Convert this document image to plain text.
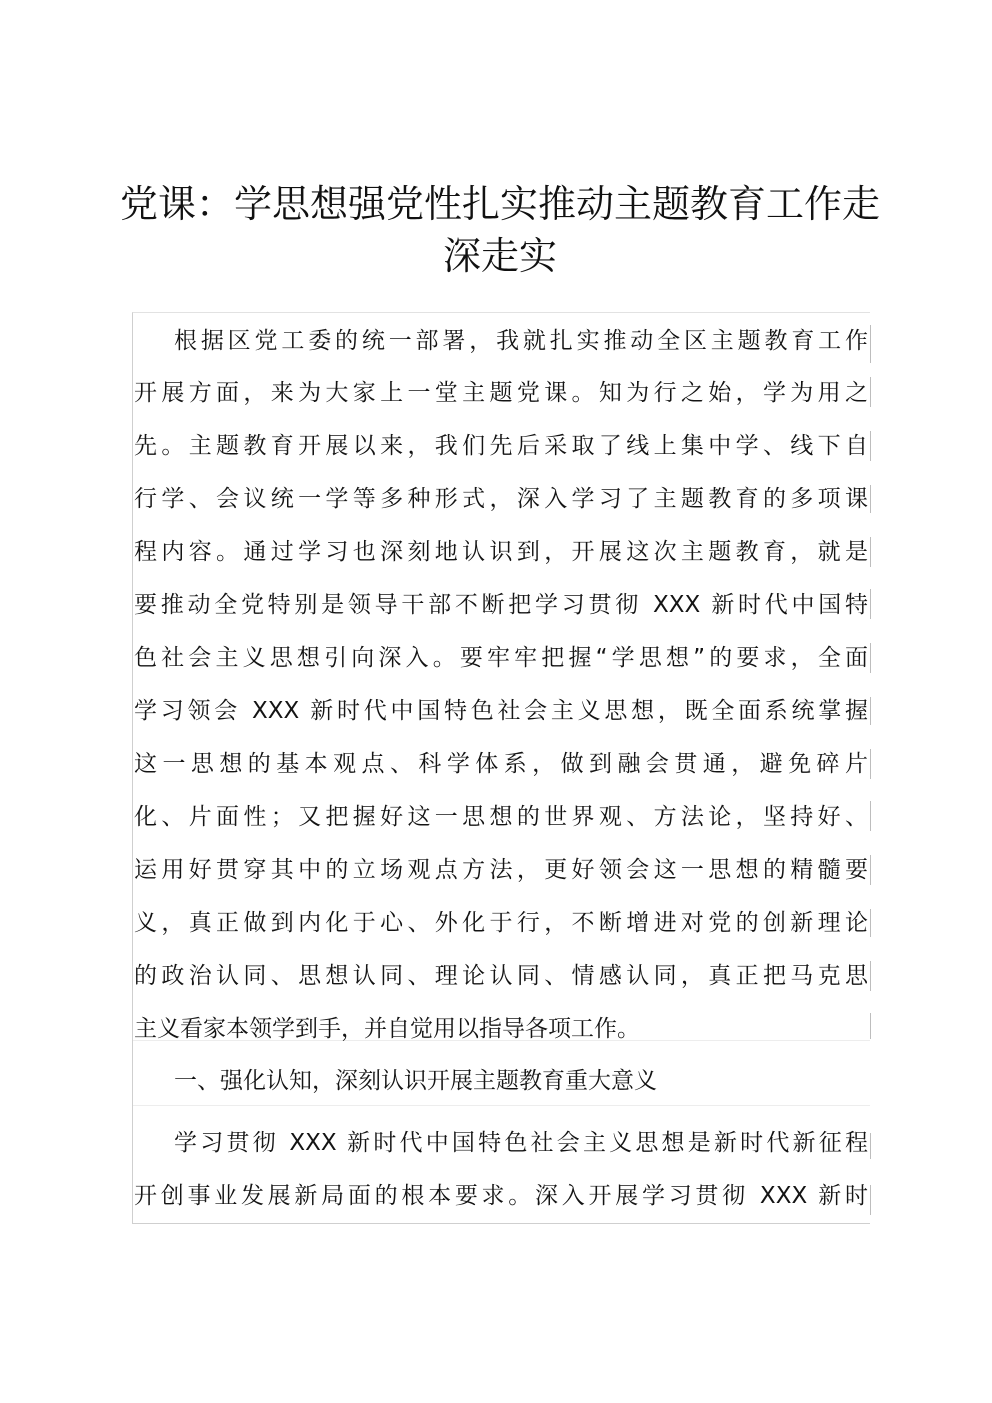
党课：学思想强党性扎实推动主题教育工作走
深走实
根据区党工委的统一部署，我就扎实推动全区主题教育工作
开展方面，来为大家上一堂主题党课。知为行之始，学为用之
先。主题教育开展以来，我们先后采取了线上集中学、线下自
行学、会议统一学等多种形式，深入学习了主题教育的多项课
程内容。通过学习也深刻地认识到，开展这次主题教育，就是
要推动全党特别是领导干部不断把学习贯彻 XXX 新时代中国特
色社会主义思想引向深入。要牢牢把握“学思想”的要求，全面
学习领会 XXX 新时代中国特色社会主义思想，既全面系统掌握
这一思想的基本观点、科学体系，做到融会贯通，避免碎片
化、片面性；又把握好这一思想的世界观、方法论，坚持好、
运用好贯穿其中的立场观点方法，更好领会这一思想的精髓要
义，真正做到内化于心、外化于行，不断增进对党的创新理论
的政治认同、思想认同、理论认同、情感认同，真正把马克思
主义看家本领学到手，并自觉用以指导各项工作。
一、强化认知，深刻认识开展主题教育重大意义
学习贯彻 XXX 新时代中国特色社会主义思想是新时代新征程
开创事业发展新局面的根本要求。深入开展学习贯彻 XXX 新时
